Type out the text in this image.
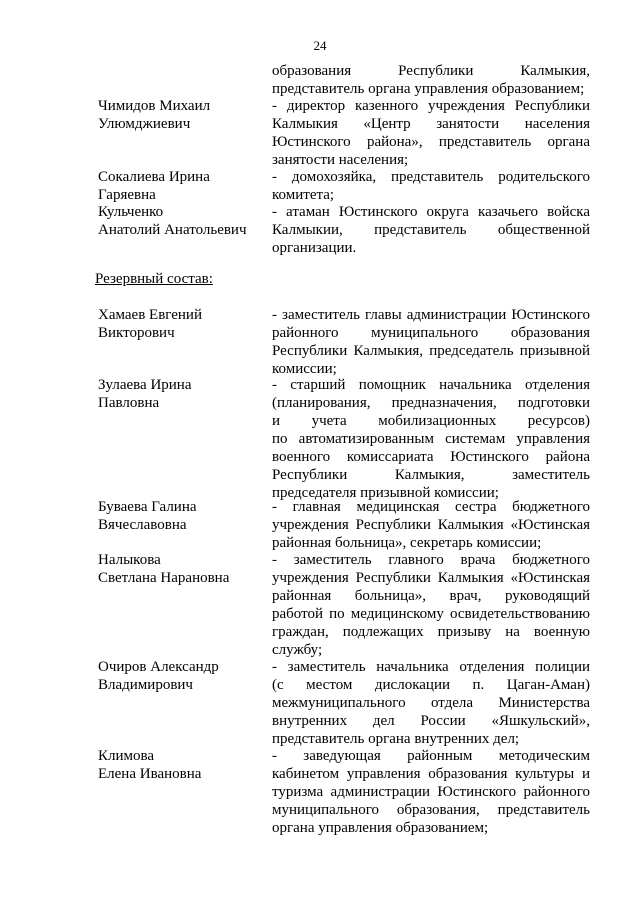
24
образования Республики Калмыкия,
представитель органа управления образованием;
Чимидов Михаил
Улюмджиевич
- директор казенного учреждения Республики
Калмыкия «Центр занятости населения
Юстинского района», представитель органа
занятости населения;
Сокалиева Ирина
Гаряевна
- домохозяйка, представитель родительского
комитета;
Кульченко
Анатолий Анатольевич
- атаман Юстинского округа казачьего войска
Калмыкии, представитель общественной
организации.
Хамаев Евгений
Викторович
- заместитель главы администрации Юстинского
районного муниципального образования
Республики Калмыкия, председатель призывной
комиссии;
Зулаева Ирина
Павловна
- старший помощник начальника отделения
(планирования, предназначения, подготовки
и учета мобилизационных ресурсов)
по автоматизированным системам управления
военного комиссариата Юстинского района
Республики Калмыкия, заместитель
председателя призывной комиссии;
Буваева Галина
Вячеславовна
- главная медицинская сестра бюджетного
учреждения Республики Калмыкия «Юстинская
районная больница», секретарь комиссии;
Налыкова
Светлана Нарановна
- заместитель главного врача бюджетного
учреждения Республики Калмыкия «Юстинская
районная больница», врач, руководящий
работой по медицинскому освидетельствованию
граждан, подлежащих призыву на военную
службу;
Очиров Александр
Владимирович
- заместитель начальника отделения полиции
(с местом дислокации п. Цаган-Аман)
межмуниципального отдела Министерства
внутренних дел России «Яшкульский»,
представитель органа внутренних дел;
Климова
Елена Ивановна
- заведующая районным методическим
кабинетом управления образования культуры и
туризма администрации Юстинского районного
муниципального образования, представитель
органа управления образованием;
Резервный состав:
